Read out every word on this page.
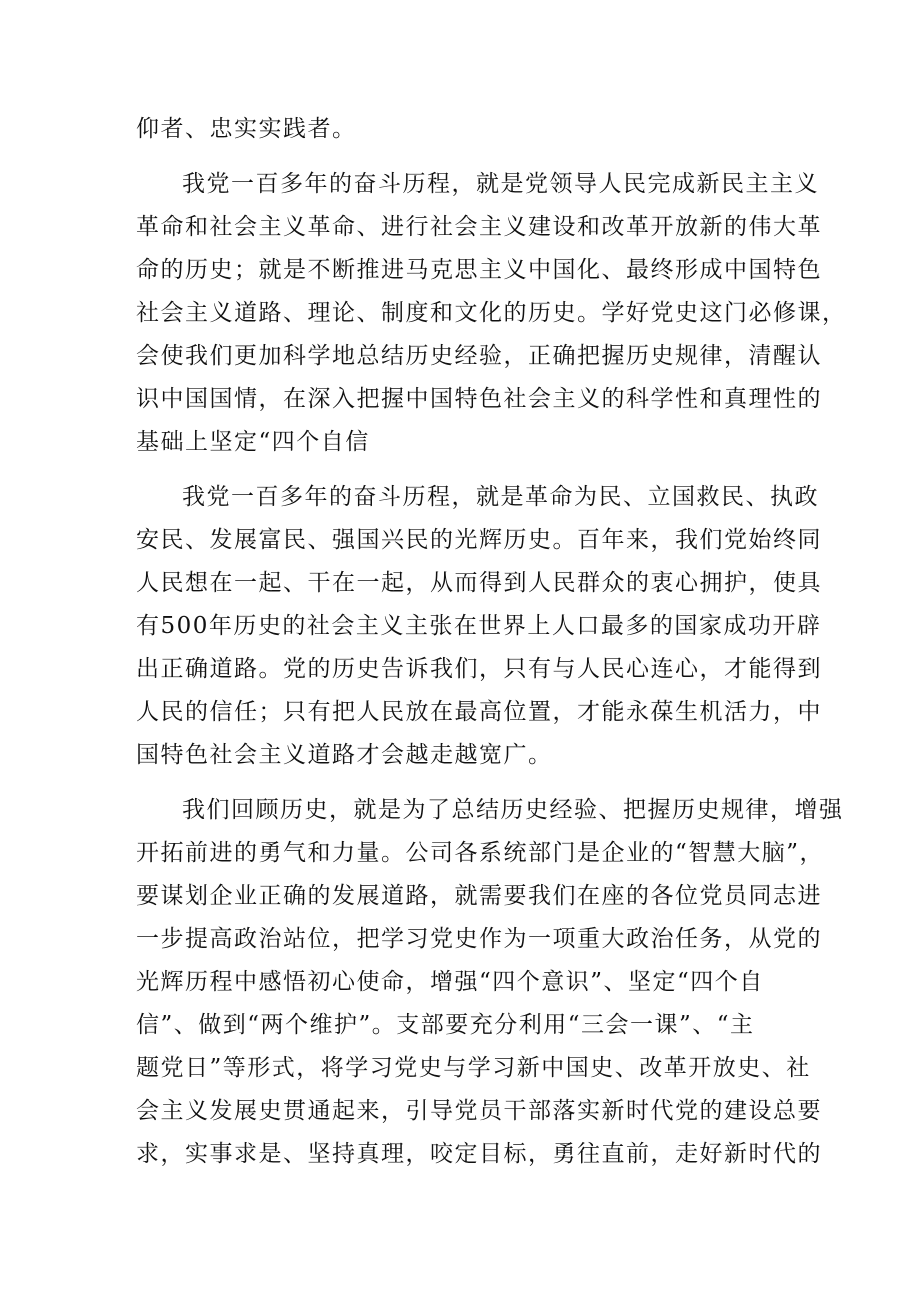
仰者、忠实实践者。
我党一百多年的奋斗历程，就是党领导人民完成新民主主义
革命和社会主义革命、进行社会主义建设和改革开放新的伟大革
命的历史；就是不断推进马克思主义中国化、最终形成中国特色
社会主义道路、理论、制度和文化的历史。学好党史这门必修课，
会使我们更加科学地总结历史经验，正确把握历史规律，清醒认
识中国国情，在深入把握中国特色社会主义的科学性和真理性的
基础上坚定“四个自信
我党一百多年的奋斗历程，就是革命为民、立国救民、执政
安民、发展富民、强国兴民的光辉历史。百年来，我们党始终同
人民想在一起、干在一起，从而得到人民群众的衷心拥护，使具
有500年历史的社会主义主张在世界上人口最多的国家成功开辟
出正确道路。党的历史告诉我们，只有与人民心连心，才能得到
人民的信任；只有把人民放在最高位置，才能永葆生机活力，中
国特色社会主义道路才会越走越宽广。
我们回顾历史，就是为了总结历史经验、把握历史规律，增强
开拓前进的勇气和力量。公司各系统部门是企业的“智慧大脑”，
要谋划企业正确的发展道路，就需要我们在座的各位党员同志进
一步提高政治站位，把学习党史作为一项重大政治任务，从党的
光辉历程中感悟初心使命，增强“四个意识”、坚定“四个自
信”、做到“两个维护”。支部要充分利用“三会一课”、“主
题党日”等形式，将学习党史与学习新中国史、改革开放史、社
会主义发展史贯通起来，引导党员干部落实新时代党的建设总要
求，实事求是、坚持真理，咬定目标，勇往直前，走好新时代的
